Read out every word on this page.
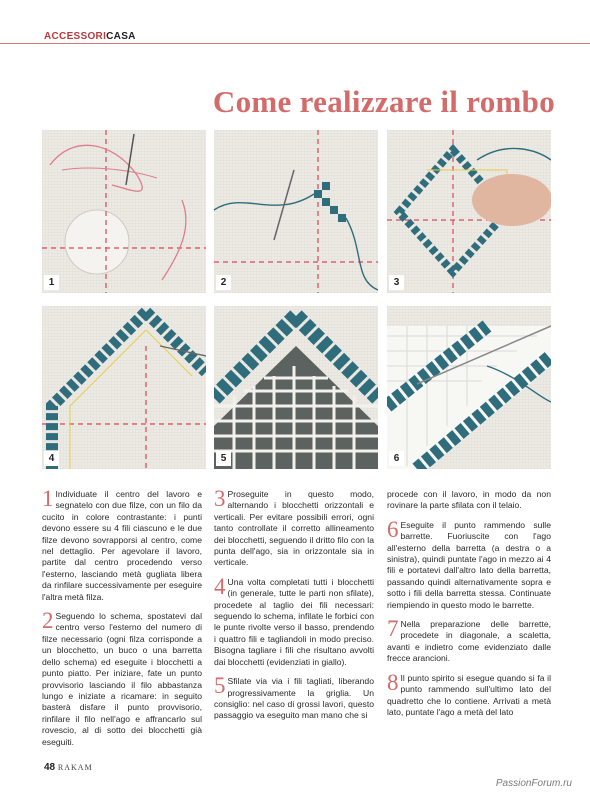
ACCESSORICASA
Come realizzare il rombo
1	2	3
4	5	6

1 Individuate il centro del lavoro e segnatelo con due filze, con un filo da cucito in colore contrastante: i punti devono essere su 4 fili ciascuno e le due filze devono sovrapporsi al centro, come nel dettaglio. Per agevolare il lavoro, partite dal centro procedendo verso l'esterno, lasciando metà gugliata libera da rinfilare successivamente per eseguire l'altra metà filza.

2 Seguendo lo schema, spostatevi dal centro verso l'esterno del numero di filze necessario (ogni filza corrisponde a un blocchetto, un buco o una barretta dello schema) ed eseguite i blocchetti a punto piatto. Per iniziare, fate un punto provvisorio lasciando il filo abbastanza lungo e iniziate a ricamare: in seguito basterà disfare il punto provvisorio, rinfilare il filo nell'ago e affrancarlo sul rovescio, al di sotto dei blocchetti già eseguiti.

3 Proseguite in questo modo, alternando i blocchetti orizzontali e verticali. Per evitare possibili errori, ogni tanto controllate il corretto allineamento dei blocchetti, seguendo il dritto filo con la punta dell'ago, sia in orizzontale sia in verticale.

4 Una volta completati tutti i blocchetti (in generale, tutte le parti non sfilate), procedete al taglio dei fili necessari: seguendo lo schema, infilate le forbici con le punte rivolte verso il basso, prendendo i quattro fili e tagliandoli in modo preciso. Bisogna tagliare i fili che risultano avvolti dai blocchetti (evidenziati in giallo).

5 Sfilate via via i fili tagliati, liberando progressivamente la griglia. Un consiglio: nel caso di grossi lavori, questo passaggio va eseguito man mano che si

procede con il lavoro, in modo da non rovinare la parte sfilata con il telaio.

6 Eseguite il punto rammendo sulle barrette. Fuoriuscite con l'ago all'esterno della barretta (a destra o a sinistra), quindi puntate l'ago in mezzo ai 4 fili e portatevi dall'altro lato della barretta, passando quindi alternativamente sopra e sotto i fili della barretta stessa. Continuate riempiendo in questo modo le barrette.

7 Nella preparazione delle barrette, procedete in diagonale, a scaletta, avanti e indietro come evidenziato dalle frecce arancioni.

8 Il punto spirito si esegue quando si fa il punto rammendo sull'ultimo lato del quadretto che lo contiene. Arrivati a metà lato, puntate l'ago a metà del lato

48 RAKAM
PassionForum.ru
